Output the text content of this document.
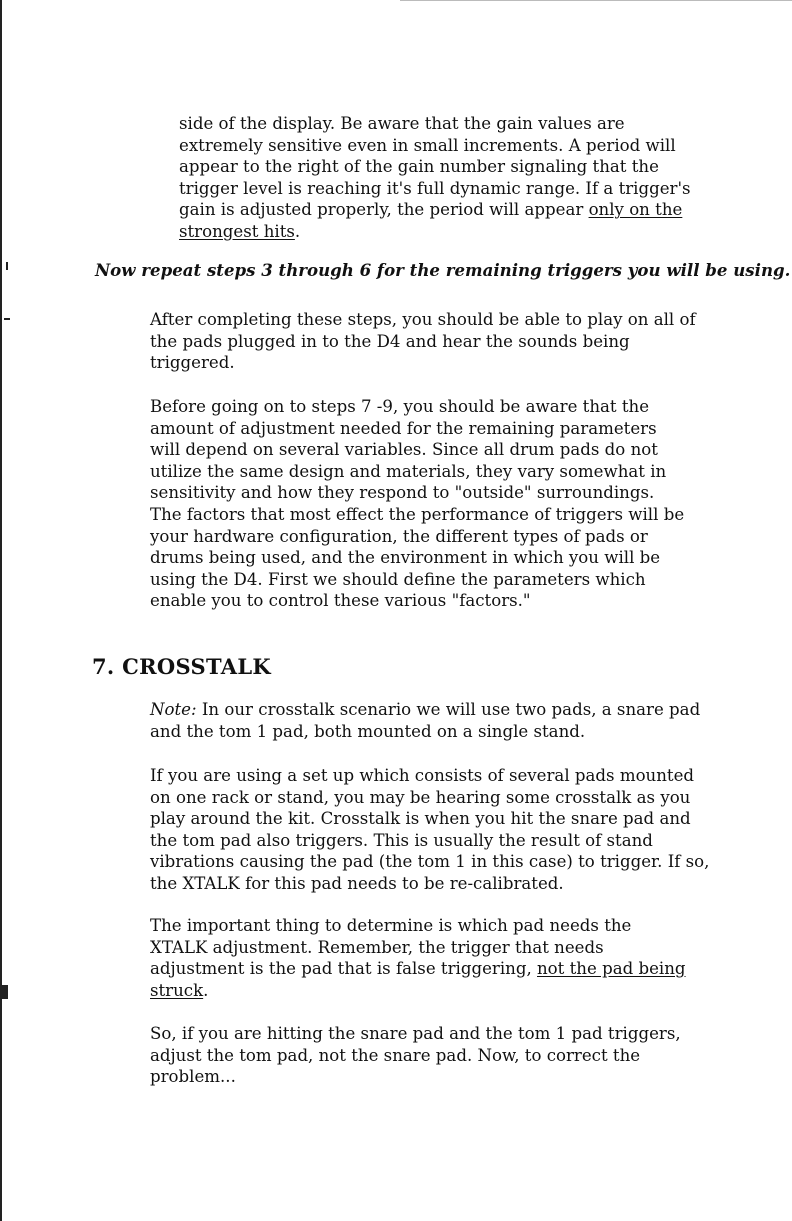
side of the display. Be aware that the gain values are
extremely sensitive even in small increments. A period will
appear to the right of the gain number signaling that the
trigger level is reaching it's full dynamic range. If a trigger's
gain is adjusted properly, the period will appear only on the
strongest hits.

Now repeat steps 3 through 6 for the remaining triggers you will be using.

After completing these steps, you should be able to play on all of
the pads plugged in to the D4 and hear the sounds being
triggered.
Before going on to steps 7 -9, you should be aware that the
amount of adjustment needed for the remaining parameters
will depend on several variables. Since all drum pads do not
utilize the same design and materials, they vary somewhat in
sensitivity and how they respond to "outside" surroundings.
The factors that most effect the performance of triggers will be
your hardware configuration, the different types of pads or
drums being used, and the environment in which you will be
using the D4. First we should define the parameters which
enable you to control these various "factors."
7. CROSSTALK
Note: In our crosstalk scenario we will use two pads, a snare pad
and the tom 1 pad, both mounted on a single stand.
If you are using a set up which consists of several pads mounted
on one rack or stand, you may be hearing some crosstalk as you
play around the kit. Crosstalk is when you hit the snare pad and
the tom pad also triggers. This is usually the result of stand
vibrations causing the pad (the tom 1 in this case) to trigger. If so,
the XTALK for this pad needs to be re-calibrated.
The important thing to determine is which pad needs the
XTALK adjustment. Remember, the trigger that needs
adjustment is the pad that is false triggering, not the pad being
struck.
So, if you are hitting the snare pad and the tom 1 pad triggers,
adjust the tom pad, not the snare pad. Now, to correct the
problem...
